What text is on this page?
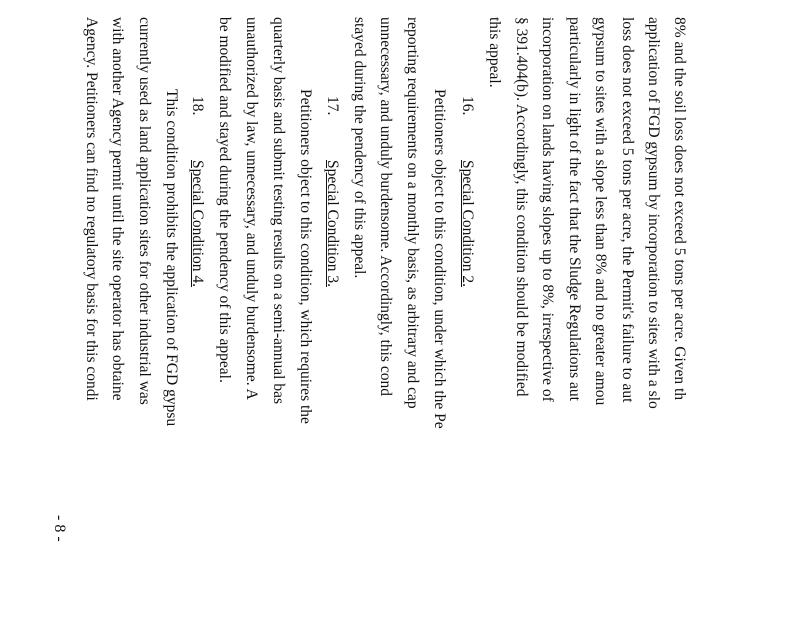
8% and the soil loss does not exceed 5 tons per acre. Given th
application of FGD gypsum by incorporation to sites with a slo
loss does not exceed 5 tons per acre, the Permit's failure to aut
gypsum to sites with a slope less than 8% and no greater amou
particularly in light of the fact that the Sludge Regulations aut
incorporation on lands having slopes up to 8%, irrespective of
§ 391.404(b). Accordingly, this condition should be modified
this appeal.
16.
Special Condition 2.
Petitioners object to this condition, under which the Pe
reporting requirements on a monthly basis, as arbitrary and cap
unnecessary, and unduly burdensome. Accordingly, this cond
stayed during the pendency of this appeal.
17.
Special Condition 3.
Petitioners object to this condition, which requires the
quarterly basis and submit testing results on a semi-annual bas
unauthorized by law, unnecessary, and unduly burdensome. A
be modified and stayed during the pendency of this appeal.
18.
Special Condition 4.
This condition prohibits the application of FGD gypsu
currently used as land application sites for other industrial was
with another Agency permit until the site operator has obtaine
Agency. Petitioners can find no regulatory basis for this condi
- 8 -
